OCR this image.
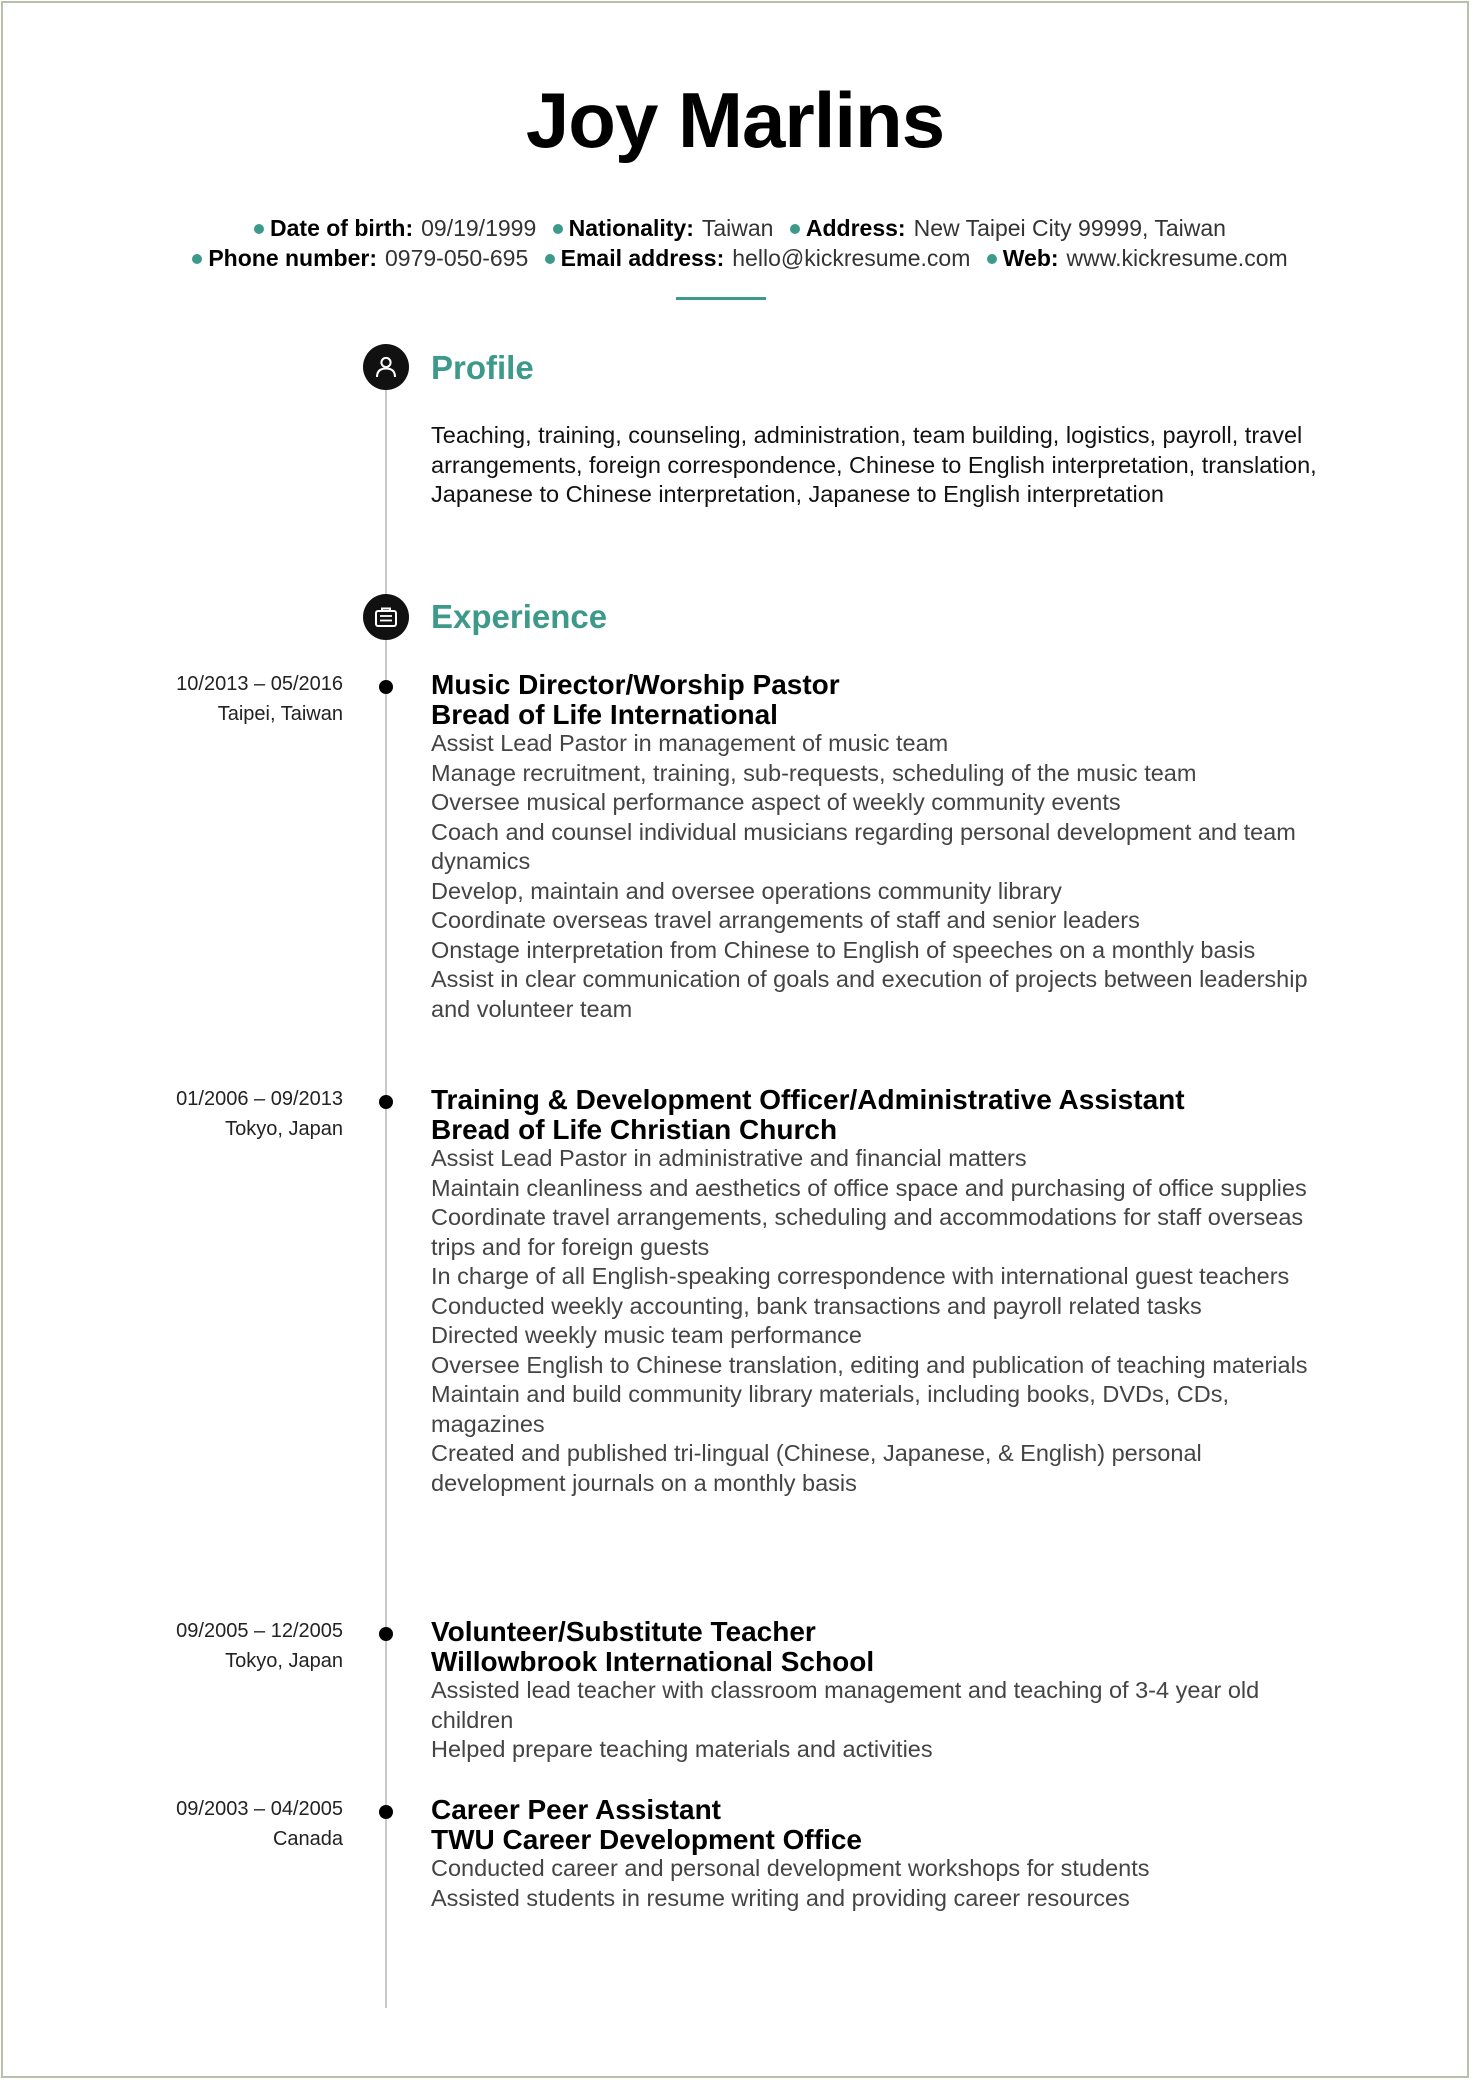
Joy Marlins
Date of birth: 09/19/1999 Nationality: Taiwan Address: New Taipei City 99999, Taiwan
Phone number: 0979-050-695 Email address: hello@kickresume.com Web: www.kickresume.com
Profile
Teaching, training, counseling, administration, team building, logistics, payroll, travel arrangements, foreign correspondence, Chinese to English interpretation, translation, Japanese to Chinese interpretation, Japanese to English interpretation
Experience
10/2013 – 05/2016
Taipei, Taiwan
Music Director/Worship Pastor
Bread of Life International
Assist Lead Pastor in management of music team
Manage recruitment, training, sub-requests, scheduling of the music team
Oversee musical performance aspect of weekly community events
Coach and counsel individual musicians regarding personal development and team dynamics
Develop, maintain and oversee operations community library
Coordinate overseas travel arrangements of staff and senior leaders
Onstage interpretation from Chinese to English of speeches on a monthly basis
Assist in clear communication of goals and execution of projects between leadership and volunteer team
01/2006 – 09/2013
Tokyo, Japan
Training & Development Officer/Administrative Assistant
Bread of Life Christian Church
Assist Lead Pastor in administrative and financial matters
Maintain cleanliness and aesthetics of office space and purchasing of office supplies
Coordinate travel arrangements, scheduling and accommodations for staff overseas trips and for foreign guests
In charge of all English-speaking correspondence with international guest teachers
Conducted weekly accounting, bank transactions and payroll related tasks
Directed weekly music team performance
Oversee English to Chinese translation, editing and publication of teaching materials
Maintain and build community library materials, including books, DVDs, CDs, magazines
Created and published tri-lingual (Chinese, Japanese, & English) personal development journals on a monthly basis
09/2005 – 12/2005
Tokyo, Japan
Volunteer/Substitute Teacher
Willowbrook International School
Assisted lead teacher with classroom management and teaching of 3-4 year old children
Helped prepare teaching materials and activities
09/2003 – 04/2005
Canada
Career Peer Assistant
TWU Career Development Office
Conducted career and personal development workshops for students
Assisted students in resume writing and providing career resources
